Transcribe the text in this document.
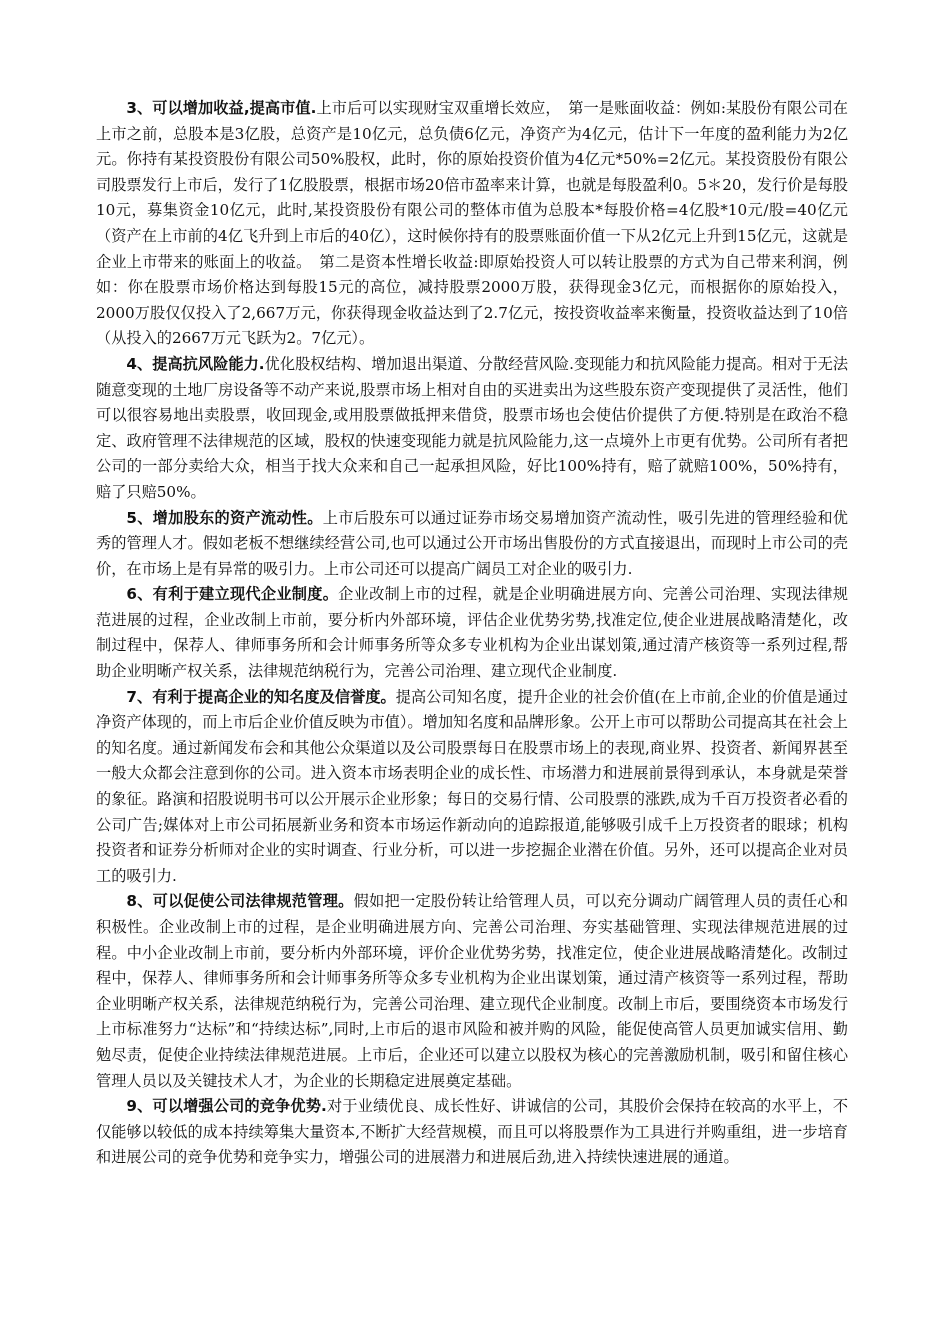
3、可以增加收益,提高市值.上市后可以实现财宝双重增长效应，　第一是账面收益：例如:某股份有限公司在上市之前，总股本是3亿股，总资产是10亿元，总负债6亿元，净资产为4亿元，估计下一年度的盈利能力为2亿元。你持有某投资股份有限公司50%股权，此时，你的原始投资价值为4亿元*50%=2亿元。某投资股份有限公司股票发行上市后，发行了1亿股股票，根据市场20倍市盈率来计算，也就是每股盈利0。5＊20，发行价是每股10元，募集资金10亿元，此时,某投资股份有限公司的整体市值为总股本*每股价格=4亿股*10元/股=40亿元（资产在上市前的4亿飞升到上市后的40亿），这时候你持有的股票账面价值一下从2亿元上升到15亿元，这就是企业上市带来的账面上的收益。　第二是资本性增长收益:即原始投资人可以转让股票的方式为自己带来利润，例如：你在股票市场价格达到每股15元的高位，减持股票2000万股，获得现金3亿元，而根据你的原始投入，2000万股仅仅投入了2,667万元，你获得现金收益达到了2.7亿元，按投资收益率来衡量，投资收益达到了10倍（从投入的2667万元飞跃为2。7亿元）。

4、提高抗风险能力.优化股权结构、增加退出渠道、分散经营风险.变现能力和抗风险能力提高。相对于无法随意变现的土地厂房设备等不动产来说,股票市场上相对自由的买进卖出为这些股东资产变现提供了灵活性，他们可以很容易地出卖股票，收回现金,或用股票做抵押来借贷，股票市场也会使估价提供了方便.特别是在政治不稳定、政府管理不法律规范的区域，股权的快速变现能力就是抗风险能力,这一点境外上市更有优势。公司所有者把公司的一部分卖给大众，相当于找大众来和自己一起承担风险，好比100%持有，赔了就赔100%，50%持有，赔了只赔50%。

5、增加股东的资产流动性。上市后股东可以通过证券市场交易增加资产流动性，吸引先进的管理经验和优秀的管理人才。假如老板不想继续经营公司,也可以通过公开市场出售股份的方式直接退出，而现时上市公司的壳价，在市场上是有异常的吸引力。上市公司还可以提高广阔员工对企业的吸引力.

6、有利于建立现代企业制度。企业改制上市的过程，就是企业明确进展方向、完善公司治理、实现法律规范进展的过程，企业改制上市前，要分析内外部环境，评估企业优势劣势,找准定位,使企业进展战略清楚化，改制过程中，保荐人、律师事务所和会计师事务所等众多专业机构为企业出谋划策,通过清产核资等一系列过程,帮助企业明晰产权关系，法律规范纳税行为，完善公司治理、建立现代企业制度.

7、有利于提高企业的知名度及信誉度。提高公司知名度，提升企业的社会价值(在上市前,企业的价值是通过净资产体现的，而上市后企业价值反映为市值）。增加知名度和品牌形象。公开上市可以帮助公司提高其在社会上的知名度。通过新闻发布会和其他公众渠道以及公司股票每日在股票市场上的表现,商业界、投资者、新闻界甚至一般大众都会注意到你的公司。进入资本市场表明企业的成长性、市场潜力和进展前景得到承认，本身就是荣誉的象征。路演和招股说明书可以公开展示企业形象；每日的交易行情、公司股票的涨跌,成为千百万投资者必看的公司广告;媒体对上市公司拓展新业务和资本市场运作新动向的追踪报道,能够吸引成千上万投资者的眼球；机构投资者和证券分析师对企业的实时调查、行业分析，可以进一步挖掘企业潜在价值。另外，还可以提高企业对员工的吸引力.

8、可以促使公司法律规范管理。假如把一定股份转让给管理人员，可以充分调动广阔管理人员的责任心和积极性。企业改制上市的过程，是企业明确进展方向、完善公司治理、夯实基础管理、实现法律规范进展的过程。中小企业改制上市前，要分析内外部环境，评价企业优势劣势，找准定位，使企业进展战略清楚化。改制过程中，保荐人、律师事务所和会计师事务所等众多专业机构为企业出谋划策，通过清产核资等一系列过程，帮助企业明晰产权关系，法律规范纳税行为，完善公司治理、建立现代企业制度。改制上市后，要围绕资本市场发行上市标准努力“达标”和“持续达标”,同时,上市后的退市风险和被并购的风险，能促使高管人员更加诚实信用、勤勉尽责，促使企业持续法律规范进展。上市后，企业还可以建立以股权为核心的完善激励机制，吸引和留住核心管理人员以及关键技术人才，为企业的长期稳定进展奠定基础。

9、可以增强公司的竞争优势.对于业绩优良、成长性好、讲诚信的公司，其股价会保持在较高的水平上，不仅能够以较低的成本持续筹集大量资本,不断扩大经营规模，而且可以将股票作为工具进行并购重组，进一步培育和进展公司的竞争优势和竞争实力，增强公司的进展潜力和进展后劲,进入持续快速进展的通道。
